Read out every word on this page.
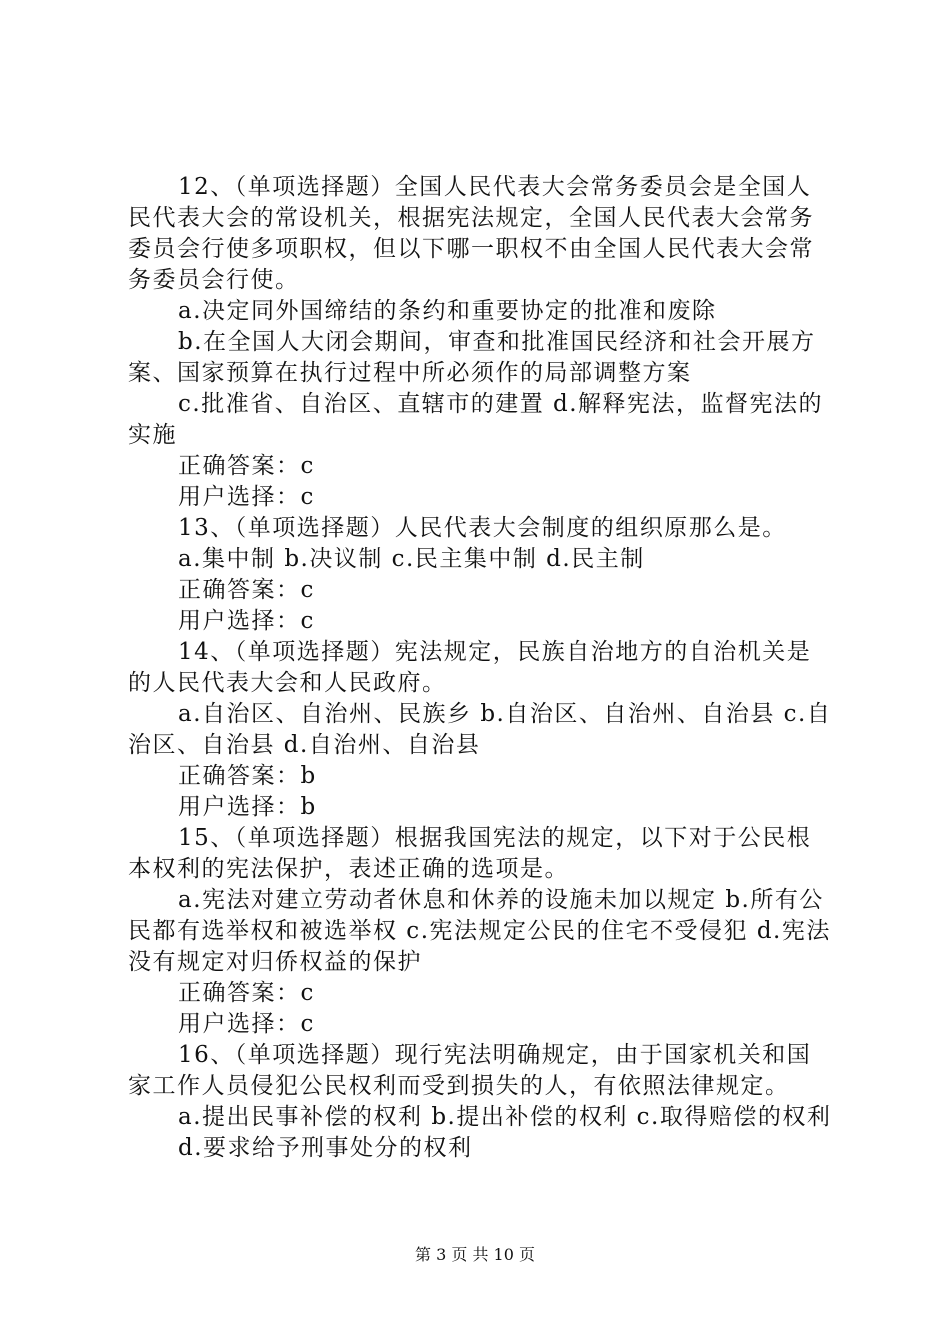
12、（单项选择题）全国人民代表大会常务委员会是全国人民代表大会的常设机关，根据宪法规定，全国人民代表大会常务委员会行使多项职权，但以下哪一职权不由全国人民代表大会常务委员会行使。

a.决定同外国缔结的条约和重要协定的批准和废除

b.在全国人大闭会期间，审查和批准国民经济和社会开展方案、国家预算在执行过程中所必须作的局部调整方案

c.批准省、自治区、直辖市的建置 d.解释宪法，监督宪法的实施

正确答案：c

用户选择：c

13、（单项选择题）人民代表大会制度的组织原那么是。

a.集中制 b.决议制 c.民主集中制 d.民主制

正确答案：c

用户选择：c

14、（单项选择题）宪法规定，民族自治地方的自治机关是的人民代表大会和人民政府。

a.自治区、自治州、民族乡 b.自治区、自治州、自治县 c.自治区、自治县 d.自治州、自治县

正确答案：b

用户选择：b

15、（单项选择题）根据我国宪法的规定，以下对于公民根本权利的宪法保护，表述正确的选项是。

a.宪法对建立劳动者休息和休养的设施未加以规定 b.所有公民都有选举权和被选举权 c.宪法规定公民的住宅不受侵犯 d.宪法没有规定对归侨权益的保护

正确答案：c

用户选择：c

16、（单项选择题）现行宪法明确规定，由于国家机关和国家工作人员侵犯公民权利而受到损失的人，有依照法律规定。

a.提出民事补偿的权利 b.提出补偿的权利 c.取得赔偿的权利

d.要求给予刑事处分的权利

第 3 页 共 10 页
